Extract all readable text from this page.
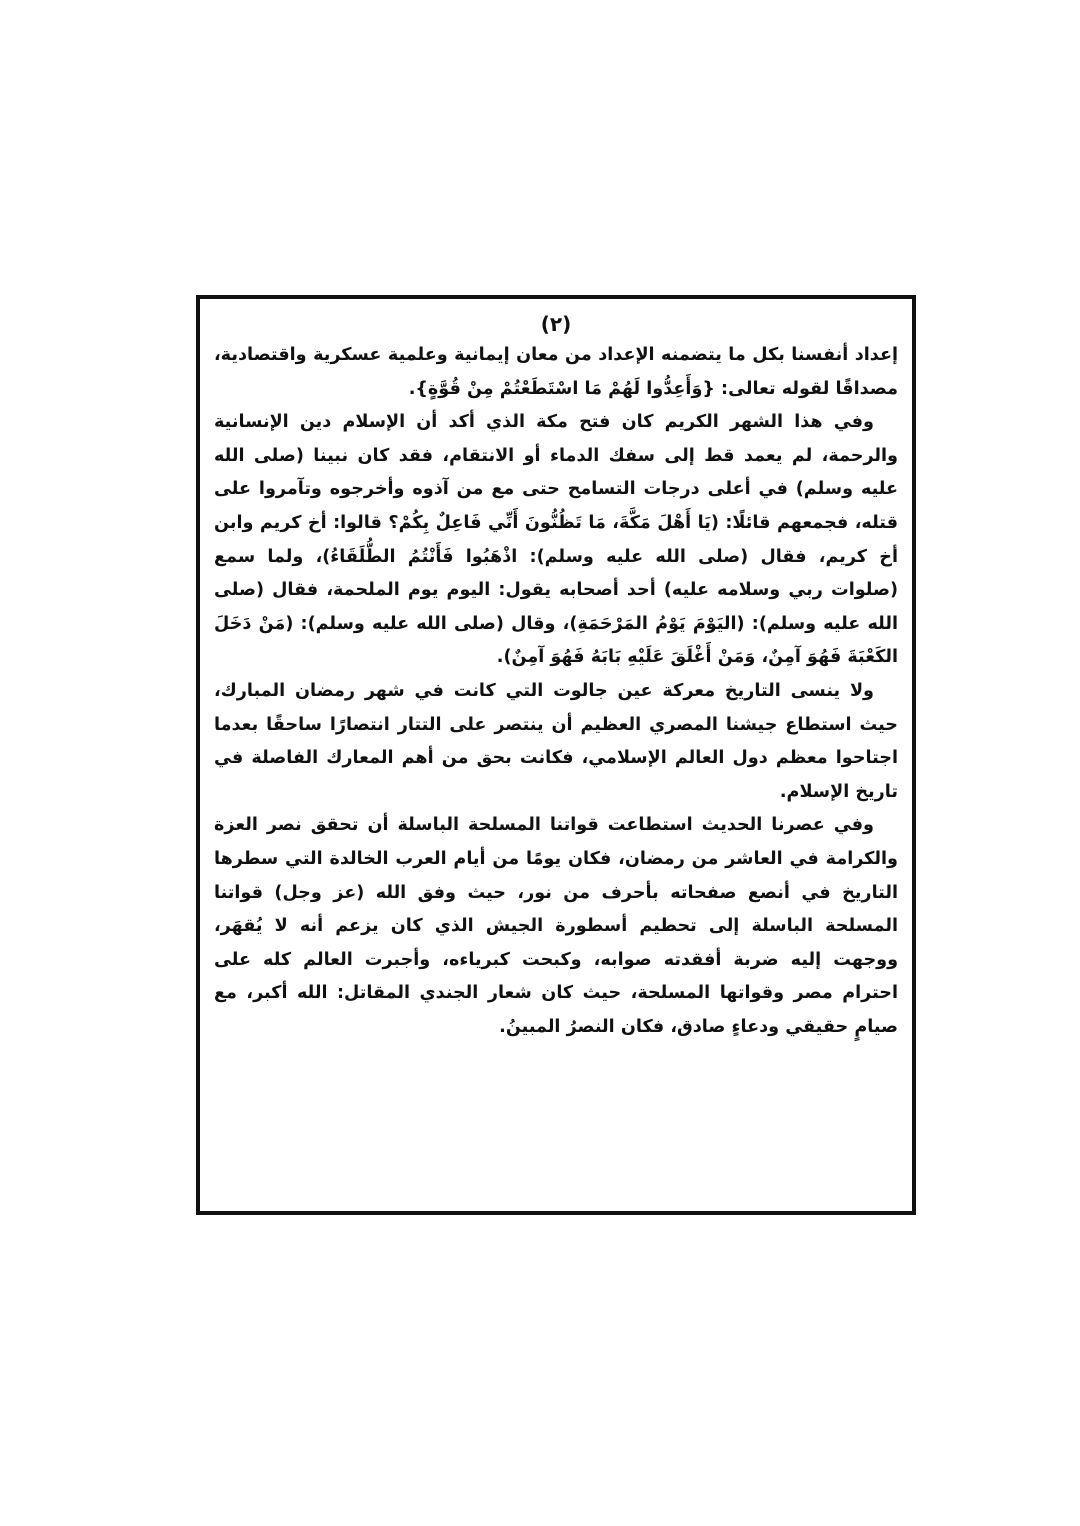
(٢)

إعداد أنفسنا بكل ما يتضمنه الإعداد من معان إيمانية وعلمية عسكرية واقتصادية، مصداقًا لقوله تعالى: {وَأَعِدُّوا لَهُمْ مَا اسْتَطَعْتُمْ مِنْ قُوَّةٍ}.

وفي هذا الشهر الكريم كان فتح مكة الذي أكد أن الإسلام دين الإنسانية والرحمة، لم يعمد قط إلى سفك الدماء أو الانتقام، فقد كان نبينا (صلى الله عليه وسلم) في أعلى درجات التسامح حتى مع من آذوه وأخرجوه وتآمروا على قتله، فجمعهم قائلًا: (يَا أَهْلَ مَكَّةَ، مَا تَظُنُّونَ أَنِّي فَاعِلٌ بِكُمْ؟ قالوا: أخ كريم وابن أخ كريم، فقال (صلى الله عليه وسلم): اذْهَبُوا فَأَنْتُمُ الطُّلَقَاءُ)، ولما سمع (صلوات ربي وسلامه عليه) أحد أصحابه يقول: اليوم يوم الملحمة، فقال (صلى الله عليه وسلم): (اليَوْمَ يَوْمُ المَرْحَمَةِ)، وقال (صلى الله عليه وسلم): (مَنْ دَخَلَ الكَعْبَةَ فَهُوَ آمِنٌ، وَمَنْ أَغْلَقَ عَلَيْهِ بَابَهُ فَهُوَ آمِنٌ).

ولا ينسى التاريخ معركة عين جالوت التي كانت في شهر رمضان المبارك، حيث استطاع جيشنا المصري العظيم أن ينتصر على التتار انتصارًا ساحقًا بعدما اجتاحوا معظم دول العالم الإسلامي، فكانت بحق من أهم المعارك الفاصلة في تاريخ الإسلام.

وفي عصرنا الحديث استطاعت قواتنا المسلحة الباسلة أن تحقق نصر العزة والكرامة في العاشر من رمضان، فكان يومًا من أيام العرب الخالدة التي سطرها التاريخ في أنصع صفحاته بأحرف من نور، حيث وفق الله (عز وجل) قواتنا المسلحة الباسلة إلى تحطيم أسطورة الجيش الذي كان يزعم أنه لا يُقهَر، ووجهت إليه ضربة أفقدته صوابه، وكبحت كبرياءه، وأجبرت العالم كله على احترام مصر وقواتها المسلحة، حيث كان شعار الجندي المقاتل: الله أكبر، مع صيامٍ حقيقي ودعاءٍ صادق، فكان النصرُ المبينُ.
